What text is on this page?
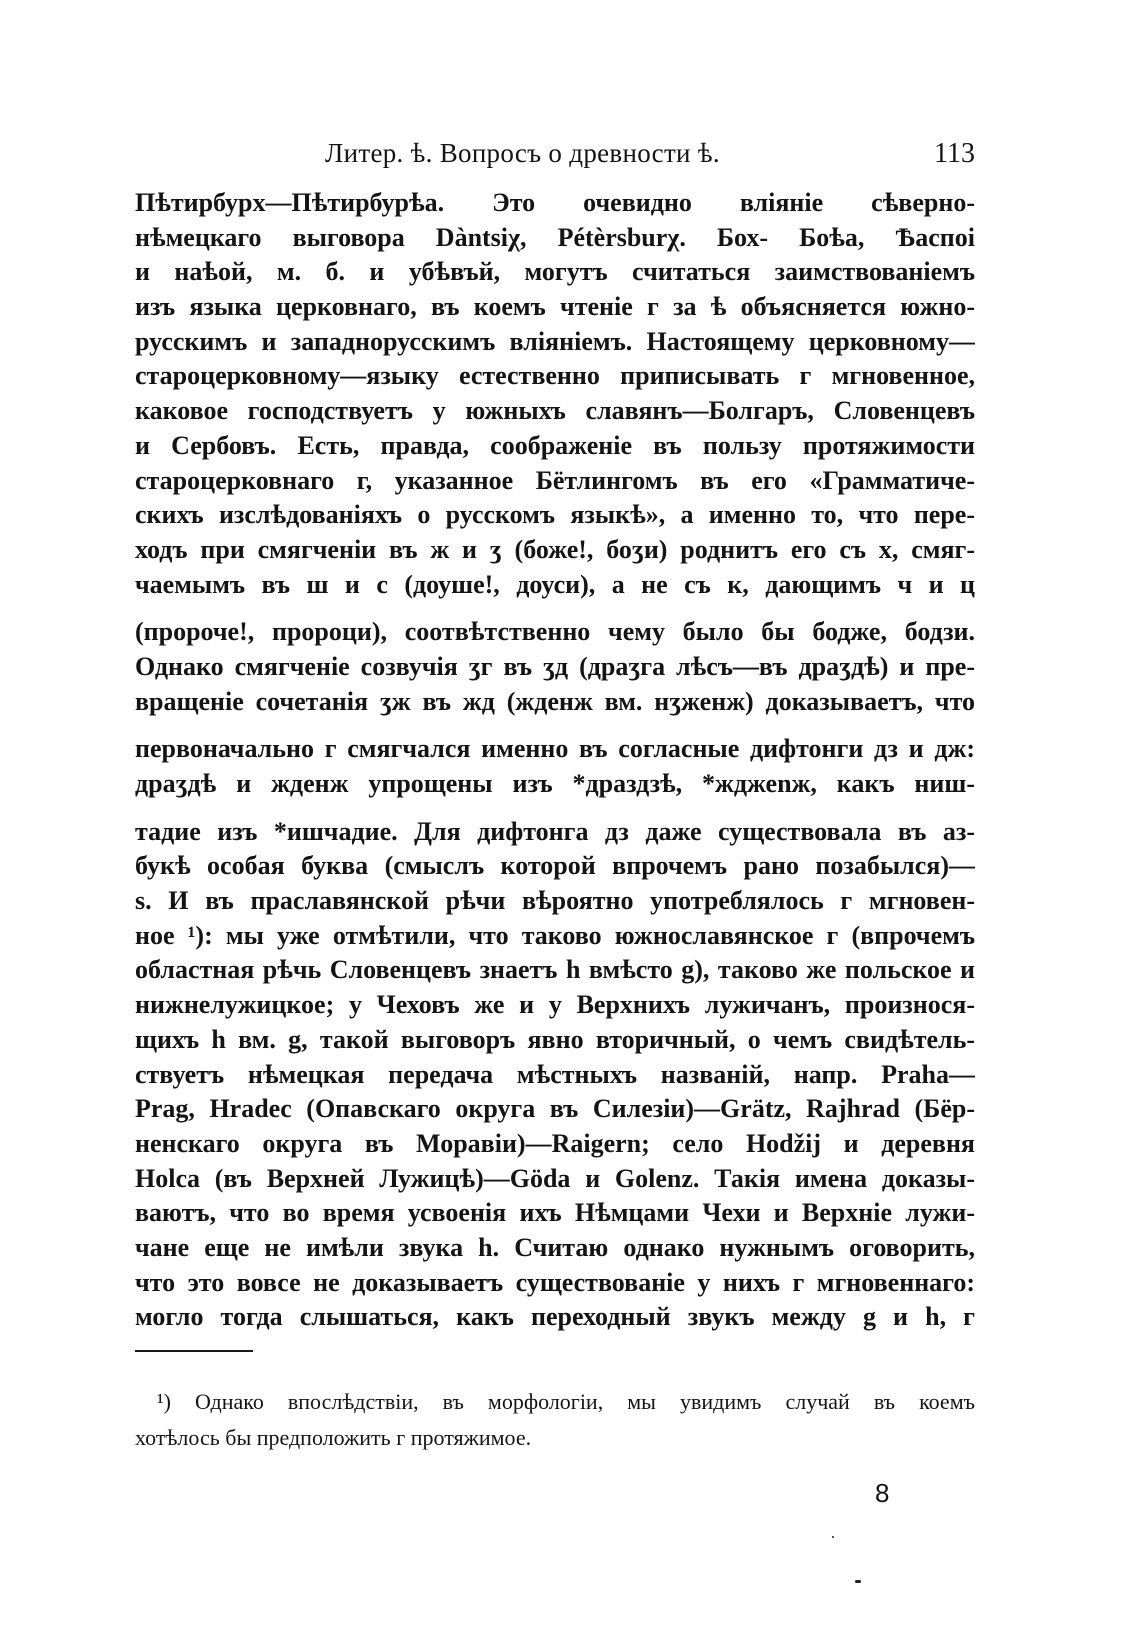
Литер. ѣ. Вопросъ о древности ѣ.	113
Пѣтирбурх—Пѣтирбурѣа. Это очевидно вліяніе сѣверно-
нѣмецкаго выговора Dàntsiχ, Pétèrsburχ. Бох- Боѣа, Ѣаспоі
и наѣой, м. б. и убѣвъй, могутъ считаться заимствованіемъ
изъ языка церковнаго, въ коемъ чтеніе г за ѣ объясняется южно-
русскимъ и западнорусскимъ вліяніемъ. Настоящему церковному—
староцерковному—языку естественно приписывать г мгновенное,
каковое господствуетъ у южныхъ славянъ—Болгаръ, Словенцевъ
и Сербовъ. Есть, правда, соображеніе въ пользу протяжимости
староцерковнаго г, указанное Бётлингомъ въ его «Грамматиче-
скихъ изслѣдованіяхъ о русскомъ языкѣ», а именно то, что пере-
ходъ при смягченіи въ ж и ʒ (боже!, боʒи) роднитъ его съ х, смяг-
чаемымъ въ ш и с (доуше!, доуси), а не съ к, дающимъ ч и ц
(пророче!, пророци), соотвѣтственно чему было бы бодже, бодзи.
Однако смягченіе созвучія ʒг въ ʒд (дpаʒга лѣсъ—въ драʒдѣ) и пре-
вращеніе сочетанія ʒж въ жд (жденж вм. нʒженж) доказываетъ, что
первоначально г смягчался именно въ согласные дифтонги дз и дж:
драʒдѣ и жденж упрощены изъ *драздзѣ, *жджеnж, какъ ниш-
тадие изъ *ишчадие. Для дифтонга дз даже существовала въ аз-
букѣ особая буква (смыслъ которой впрочемъ рано позабылся)—
ѕ. И въ праславянской рѣчи вѣроятно употреблялось г мгновен-
ное ¹): мы уже отмѣтили, что таково южнославянское г (впрочемъ
областная рѣчь Словенцевъ знаетъ h вмѣсто g), таково же польское и
нижнелужицкое; у Чеховъ же и у Верхнихъ лужичанъ, произнося-
щихъ h вм. g, такой выговоръ явно вторичный, о чемъ свидѣтель-
ствуетъ нѣмецкая передача мѣстныхъ названій, напр. Praha—
Prag, Hradec (Опавскаго округа въ Силезіи)—Grätz, Rajhrad (Бёр-
ненскаго округа въ Моравіи)—Raigern; село Hodžij и деревня
Holca (въ Верхней Лужицѣ)—Göda и Golenz. Такія имена доказы-
ваютъ, что во время усвоенія ихъ Нѣмцами Чехи и Верхніе лужи-
чане еще не имѣли звука h. Считаю однако нужнымъ оговорить,
что это вовсе не доказываетъ существованіе у нихъ г мгновеннаго:
могло тогда слышаться, какъ переходный звукъ между g и h, г
¹) Однако впослѣдствіи, въ морфологіи, мы увидимъ случай въ коемъ
хотѣлось бы предположить г протяжимое.
8
